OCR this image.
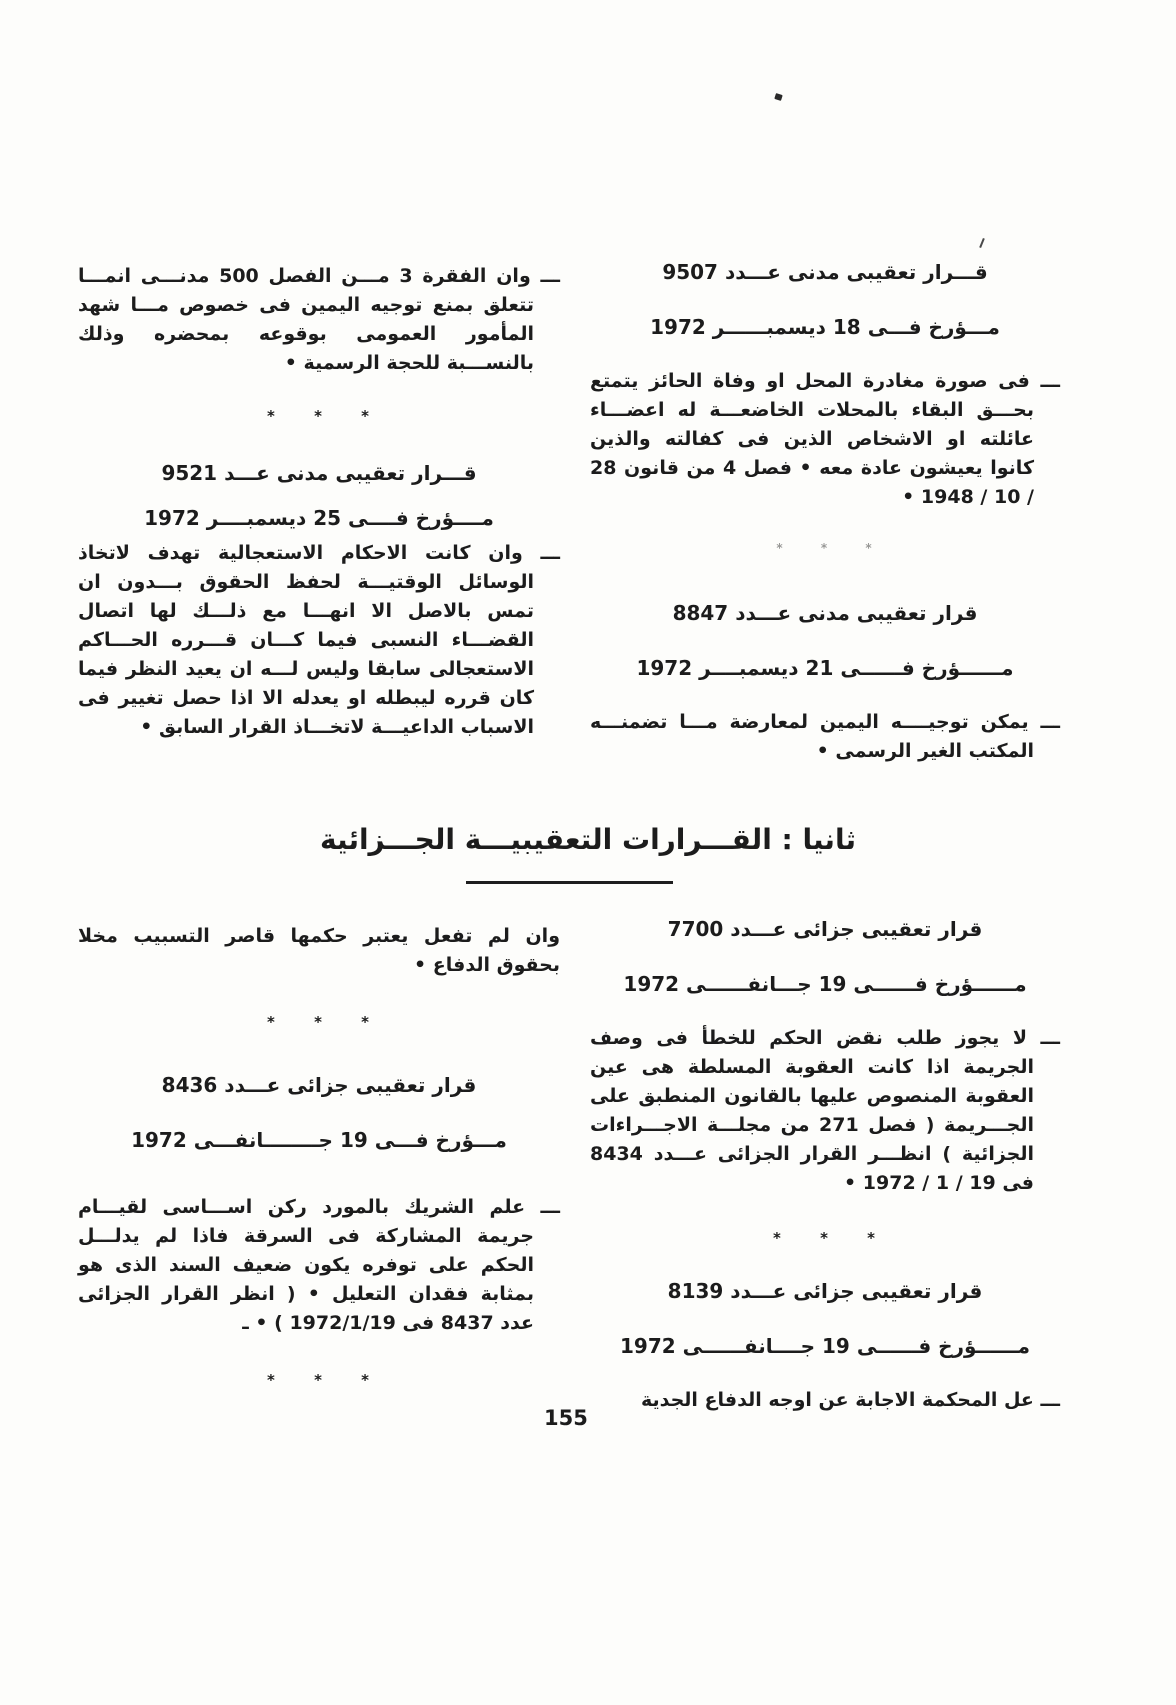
قـــرار تعقيبى مدنى عـــدد 9507
مـــؤرخ فـــى 18 ديسمبــــــر 1972

ـــ فى صورة مغادرة المحل او وفاة الحائز يتمتع بحـــق البقاء بالمحلات الخاضعـــة له اعضـــاء عائلته او الاشخاص الذين فى كفالته والذين كانوا يعيشون عادة معه • فصل 4 من قانون 28 / 10 / 1948 •

* * *
قرار تعقيبى مدنى عـــدد 8847
مــــــؤرخ فــــــى 21 ديسمبــــر 1972

ـــ يمكن توجيــــه اليمين لمعارضة مـــا تضمنـــه المكتب الغير الرسمى •

ـــ وان الفقرة 3 مـــن الفصل 500 مدنـــى انمـــا تتعلق بمنع توجيه اليمين فى خصوص مـــا شهد المأمور العمومى بوقوعه بمحضره وذلك بالنســـبة للحجة الرسمية •

* * *
قـــرار تعقيبى مدنى عـــد 9521
مــــؤرخ فــــى 25 ديسمبــــر 1972

ـــ وان كانت الاحكام الاستعجالية تهدف لاتخاذ الوسائل الوقتيـــة لحفظ الحقوق بـــدون ان تمس بالاصل الا انهـــا مع ذلـــك لها اتصال القضـــاء النسبى فيما كـــان قـــرره الحـــاكم الاستعجالى سابقا وليس لـــه ان يعيد النظر فيما كان قرره ليبطله او يعدله الا اذا حصل تغيير فى الاسباب الداعيـــة لاتخـــاذ القرار السابق •

ثانيا : القـــرارات التعقيبيـــة الجـــزائية
قرار تعقيبى جزائى عـــدد 7700
مــــــؤرخ فــــــى 19 جـــانفــــــى 1972

ـــ لا يجوز طلب نقض الحكم للخطأ فى وصف الجريمة اذا كانت العقوبة المسلطة هى عين العقوبة المنصوص عليها بالقانون المنطبق على الجـــريمة ( فصل 271 من مجلـــة الاجـــراءات الجزائية ) انظـــر القرار الجزائى عـــدد 8434 فى 19 / 1 / 1972 •

* * *
قرار تعقيبى جزائى عـــدد 8139
مــــــؤرخ فــــــى 19 جــــانفــــــى 1972

ـــ عل المحكمة الاجابة عن اوجه الدفاع الجدية

وان لم تفعل يعتبر حكمها قاصر التسبيب مخلا بحقوق الدفاع •

* * *
قرار تعقيبى جزائى عـــدد 8436
مـــؤرخ فـــى 19 جــــــــانفـــى 1972

ـــ علم الشريك بالمورد ركن اســـاسى لقيـــام جريمة المشاركة فى السرقة فاذا لم يدلـــل الحكم على توفره يكون ضعيف السند الذى هو بمثابة فقدان التعليل • ( انظر القرار الجزائى عدد 8437 فى 1972/1/19 ) • ـ

* * *
155
